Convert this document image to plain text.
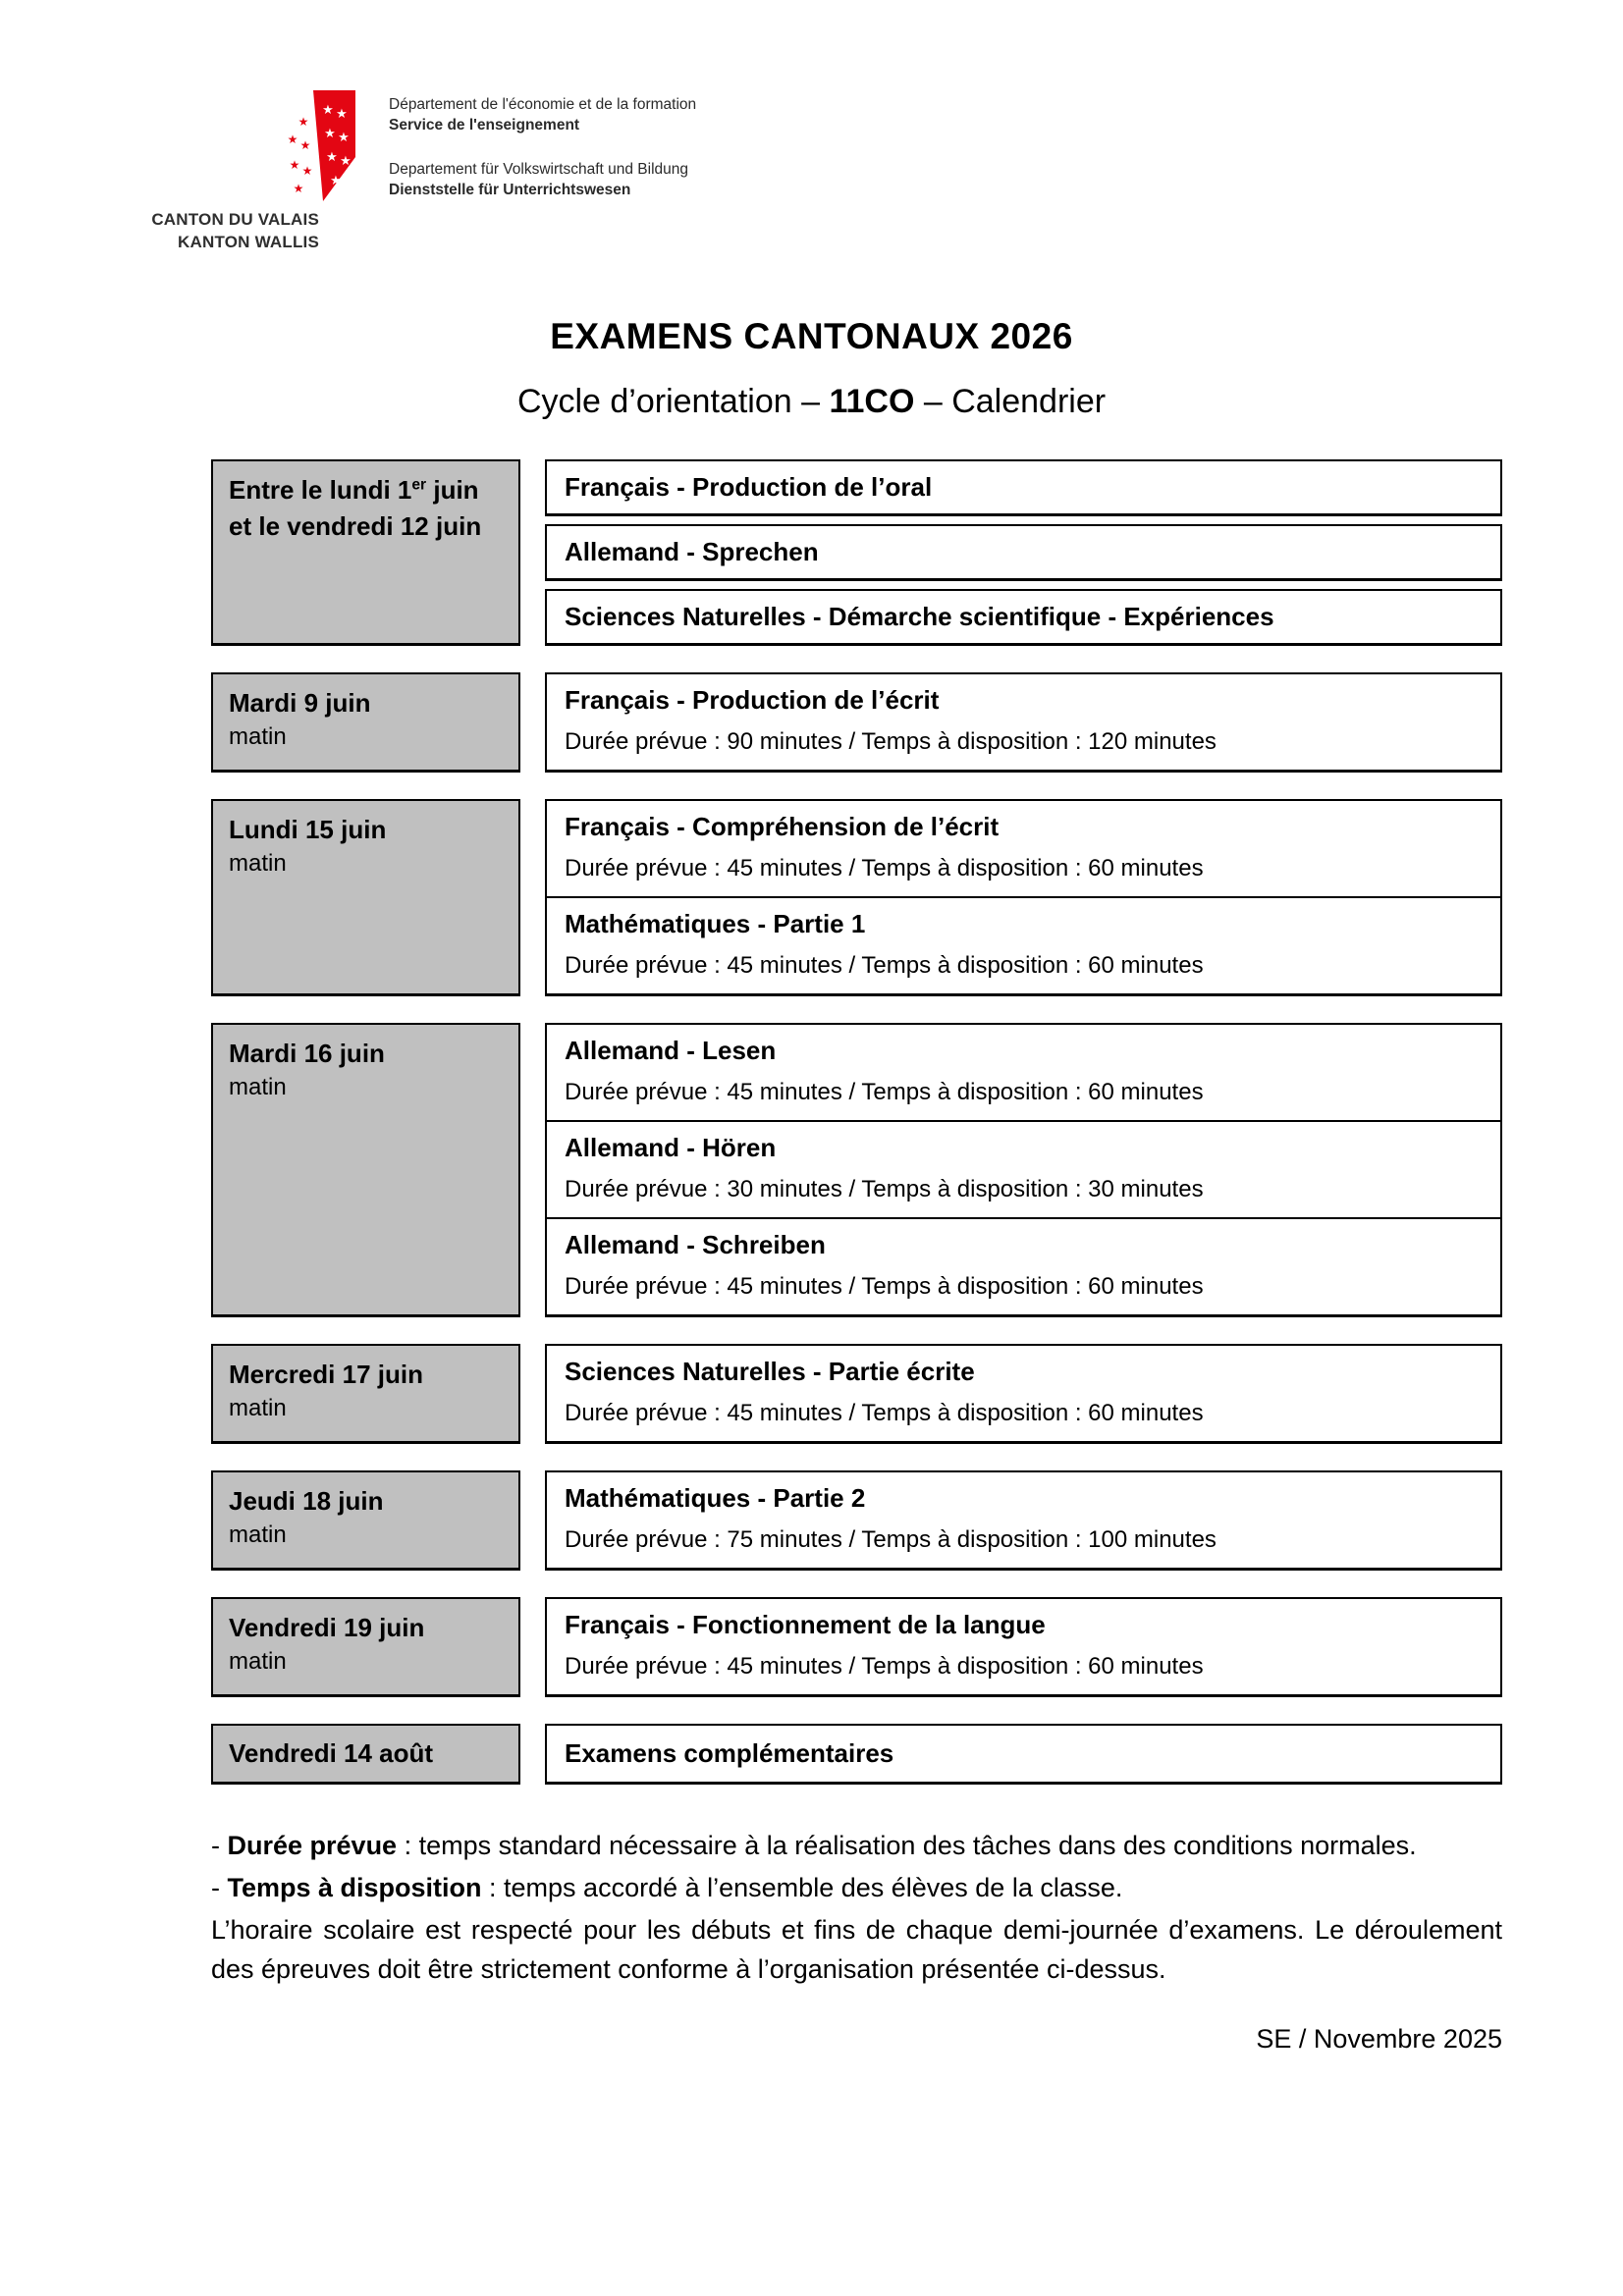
★ ★
★ ★
★ ★
★
★
★ ★
★ ★
★
CANTON DU VALAIS
KANTON WALLIS
Département de l'économie et de la formation
Service de l'enseignement
Departement für Volkswirtschaft und Bildung
Dienststelle für Unterrichtswesen
EXAMENS CANTONAUX 2026
Cycle d’orientation – 11CO – Calendrier
Entre le lundi 1er juin et le vendredi 12 juin
Français - Production de l’oral
Allemand - Sprechen
Sciences Naturelles - Démarche scientifique - Expériences
Mardi 9 juin
matin
Français - Production de l’écrit
Durée prévue : 90 minutes / Temps à disposition : 120 minutes
Lundi 15 juin
matin
Français - Compréhension de l’écrit
Durée prévue : 45 minutes / Temps à disposition : 60 minutes
Mathématiques - Partie 1
Durée prévue : 45 minutes / Temps à disposition : 60 minutes
Mardi 16 juin
matin
Allemand - Lesen
Durée prévue : 45 minutes / Temps à disposition : 60 minutes
Allemand - Hören
Durée prévue : 30 minutes / Temps à disposition : 30 minutes
Allemand - Schreiben
Durée prévue : 45 minutes / Temps à disposition : 60 minutes
Mercredi 17 juin
matin
Sciences Naturelles - Partie écrite
Durée prévue : 45 minutes / Temps à disposition : 60 minutes
Jeudi 18 juin
matin
Mathématiques - Partie 2
Durée prévue : 75 minutes / Temps à disposition : 100 minutes
Vendredi 19 juin
matin
Français - Fonctionnement de la langue
Durée prévue : 45 minutes / Temps à disposition : 60 minutes
Vendredi 14 août	Examens complémentaires

- Durée prévue : temps standard nécessaire à la réalisation des tâches dans des conditions normales.

- Temps à disposition : temps accordé à l’ensemble des élèves de la classe.

L’horaire scolaire est respecté pour les débuts et fins de chaque demi-journée d’examens. Le déroulement des épreuves doit être strictement conforme à l’organisation présentée ci-dessus.

SE / Novembre 2025
